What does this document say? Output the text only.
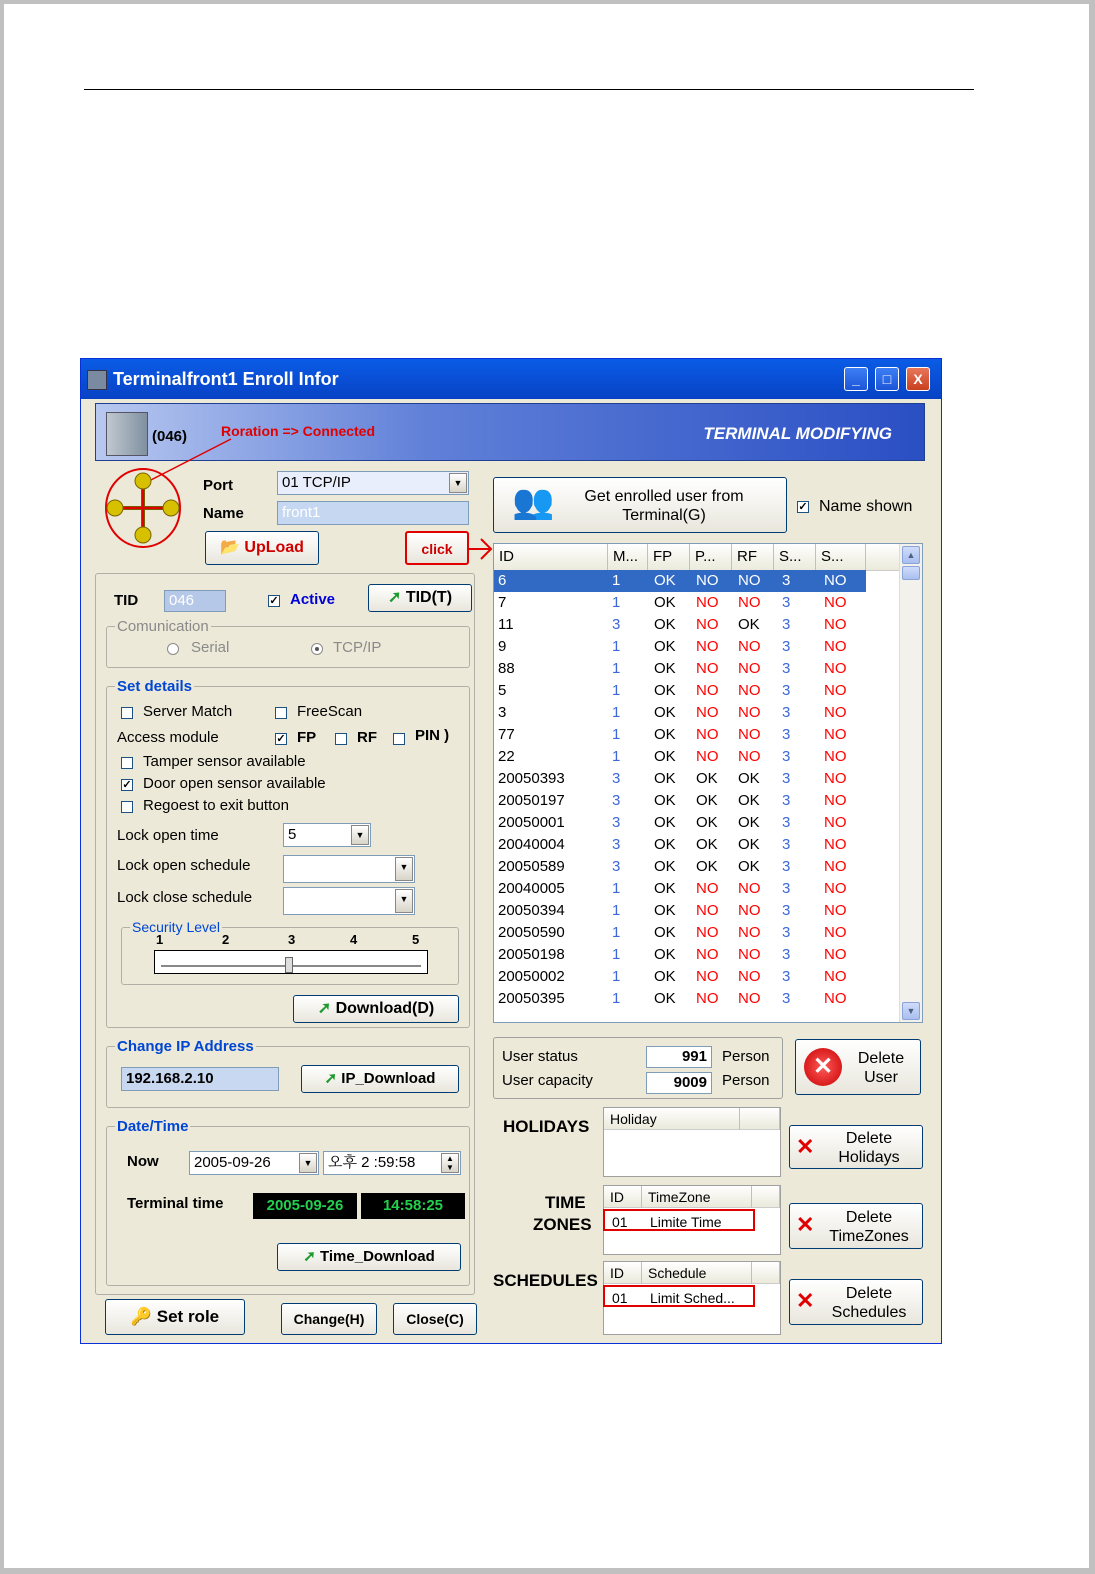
Terminalfront1 Enroll Infor	_	□	X
(046)	TERMINAL MODIFYING
Roration => Connected
Port	01 TCP/IP	▼
Name	front1
📂 UpLoad	click
TID	046	✓ Active	➚ TID(T)
Comunication
Serial	TCP/IP
Set details
Server Match	FreeScan
Access module	✓ FP	RF	PIN )
Tamper sensor available
✓ Door open sensor available
Regoest to exit button
Lock open time	5	▼
Lock open schedule	▼
Lock close schedule	▼
Security Level
1	2	3	4	5
➚ Download(D)
Change IP Address
192.168.2.10	➚ IP_Download
Date/Time
Now	2005-09-26	▼	오후 2 :59:58	▲
▼
Terminal time	2005-09-26	14:58:25
➚ Time_Download
🔑 Set role	Change(H)	Close(C)
👥	Get enrolled user from
Terminal(G)	✓ Name shown
ID	M...	FP	P...	RF	S...	S...
6	1 OK NO NO 3 NO
7	1 OK NO NO 3 NO
11	3 OK NO OK 3 NO
9	1 OK NO NO 3 NO
88	1 OK NO NO 3 NO
5	1 OK NO NO 3 NO
3	1 OK NO NO 3 NO
77	1 OK NO NO 3 NO
22	1 OK NO NO 3 NO
20050393	3 OK OK OK 3 NO
20050197	3 OK OK OK 3 NO
20050001	3 OK OK OK 3 NO
20040004	3 OK OK OK 3 NO
20050589	3 OK OK OK 3 NO
20040005	1 OK NO NO 3 NO
20050394	1 OK NO NO 3 NO
20050590	1 OK NO NO 3 NO
20050198	1 OK NO NO 3 NO
20050002	1 OK NO NO 3 NO
20050395	1 OK NO NO 3 NO
▲
▼
User status	991	Person
User capacity	9009	Person
✕	Delete
User
HOLIDAYS	Holiday
✕	Delete
Holidays
TIME
ZONES
ID	TimeZone
01	Limite Time	✕	Delete
TimeZones
SCHEDULES ID	Schedule
01	Limit Sched...	✕	Delete
Schedules
